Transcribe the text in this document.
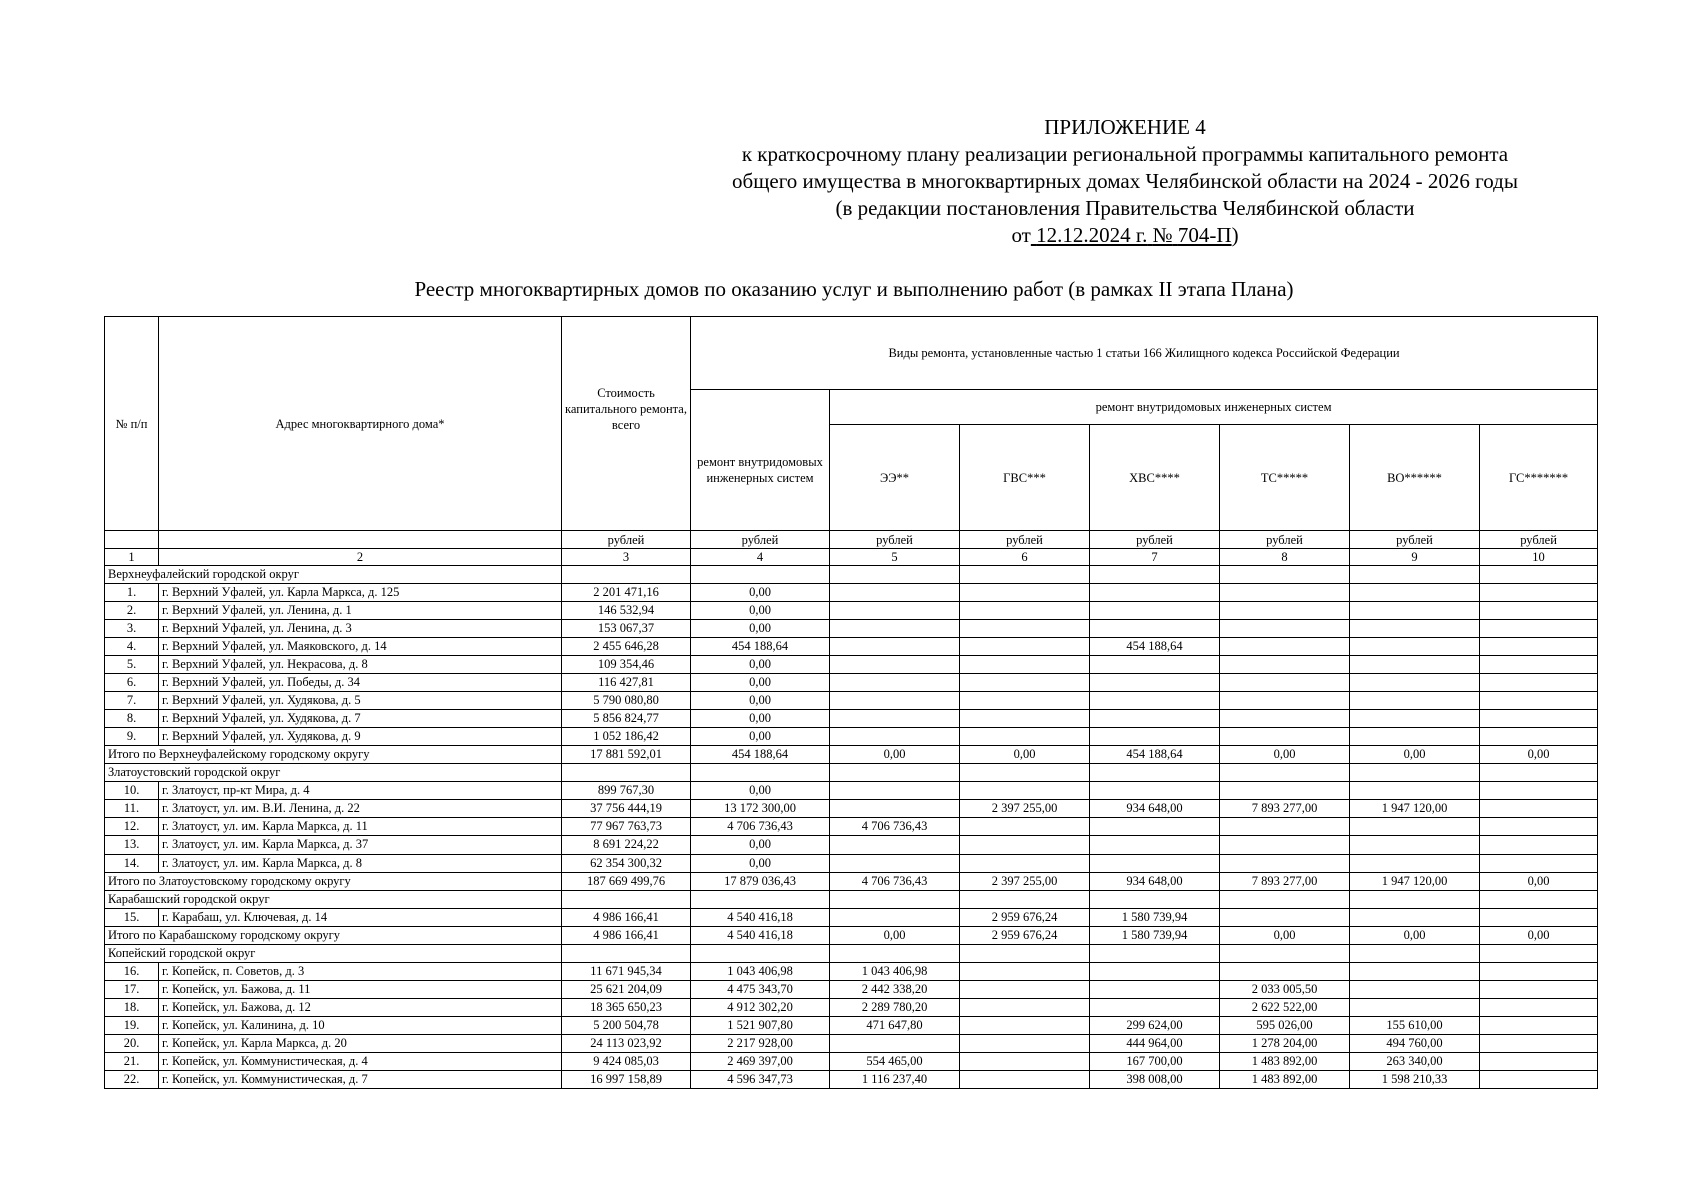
ПРИЛОЖЕНИЕ 4
к краткосрочному плану реализации региональной программы капитального ремонта
общего имущества в многоквартирных домах Челябинской области на 2024 - 2026 годы
(в редакции постановления Правительства Челябинской области
от 12.12.2024 г. № 704-П)
Реестр многоквартирных домов по оказанию услуг и выполнению работ (в рамках II этапа Плана)
№ п/п	Адрес многоквартирного дома*	Стоимость капитального ремонта, всего	Виды ремонта, установленные частью 1 статьи 166 Жилищного кодекса Российской Федерации						
			ремонт внутридомовых инженерных систем	ремонт внутридомовых инженерных систем					
				ЭЭ**	ГВС***	ХВС****	ТС*****	ВО******	ГС*******
		рублей	рублей	рублей	рублей	рублей	рублей	рублей	рублей
1	2	3	4	5	6	7	8	9	10
Верхнеуфалейский городской округ									
1.	г. Верхний Уфалей, ул. Карла Маркса, д. 125	2 201 471,16	0,00						
2.	г. Верхний Уфалей, ул. Ленина, д. 1	146 532,94	0,00						
3.	г. Верхний Уфалей, ул. Ленина, д. 3	153 067,37	0,00						
4.	г. Верхний Уфалей, ул. Маяковского, д. 14	2 455 646,28	454 188,64			454 188,64			
5.	г. Верхний Уфалей, ул. Некрасова, д. 8	109 354,46	0,00						
6.	г. Верхний Уфалей, ул. Победы, д. 34	116 427,81	0,00						
7.	г. Верхний Уфалей, ул. Худякова, д. 5	5 790 080,80	0,00						
8.	г. Верхний Уфалей, ул. Худякова, д. 7	5 856 824,77	0,00						
9.	г. Верхний Уфалей, ул. Худякова, д. 9	1 052 186,42	0,00						
Итого по Верхнеуфалейскому городскому округу		17 881 592,01	454 188,64	0,00	0,00	454 188,64	0,00	0,00	0,00
Златоустовский городской округ									
10.	г. Златоуст, пр-кт Мира, д. 4	899 767,30	0,00						
11.	г. Златоуст, ул. им. В.И. Ленина, д. 22	37 756 444,19	13 172 300,00		2 397 255,00	934 648,00	7 893 277,00	1 947 120,00	
12.	г. Златоуст, ул. им. Карла Маркса, д. 11	77 967 763,73	4 706 736,43	4 706 736,43					
13.	г. Златоуст, ул. им. Карла Маркса, д. 37	8 691 224,22	0,00						
14.	г. Златоуст, ул. им. Карла Маркса, д. 8	62 354 300,32	0,00						
Итого по Златоустовскому городскому округу		187 669 499,76	17 879 036,43	4 706 736,43	2 397 255,00	934 648,00	7 893 277,00	1 947 120,00	0,00
Карабашский городской округ									
15.	г. Карабаш, ул. Ключевая, д. 14	4 986 166,41	4 540 416,18		2 959 676,24	1 580 739,94			
Итого по Карабашскому городскому округу		4 986 166,41	4 540 416,18	0,00	2 959 676,24	1 580 739,94	0,00	0,00	0,00
Копейский городской округ									
16.	г. Копейск, п. Советов, д. 3	11 671 945,34	1 043 406,98	1 043 406,98					
17.	г. Копейск, ул. Бажова, д. 11	25 621 204,09	4 475 343,70	2 442 338,20			2 033 005,50		
18.	г. Копейск, ул. Бажова, д. 12	18 365 650,23	4 912 302,20	2 289 780,20			2 622 522,00		
19.	г. Копейск, ул. Калинина, д. 10	5 200 504,78	1 521 907,80	471 647,80		299 624,00	595 026,00	155 610,00	
20.	г. Копейск, ул. Карла Маркса, д. 20	24 113 023,92	2 217 928,00			444 964,00	1 278 204,00	494 760,00	
21.	г. Копейск, ул. Коммунистическая, д. 4	9 424 085,03	2 469 397,00	554 465,00		167 700,00	1 483 892,00	263 340,00	
22.	г. Копейск, ул. Коммунистическая, д. 7	16 997 158,89	4 596 347,73	1 116 237,40		398 008,00	1 483 892,00	1 598 210,33	
